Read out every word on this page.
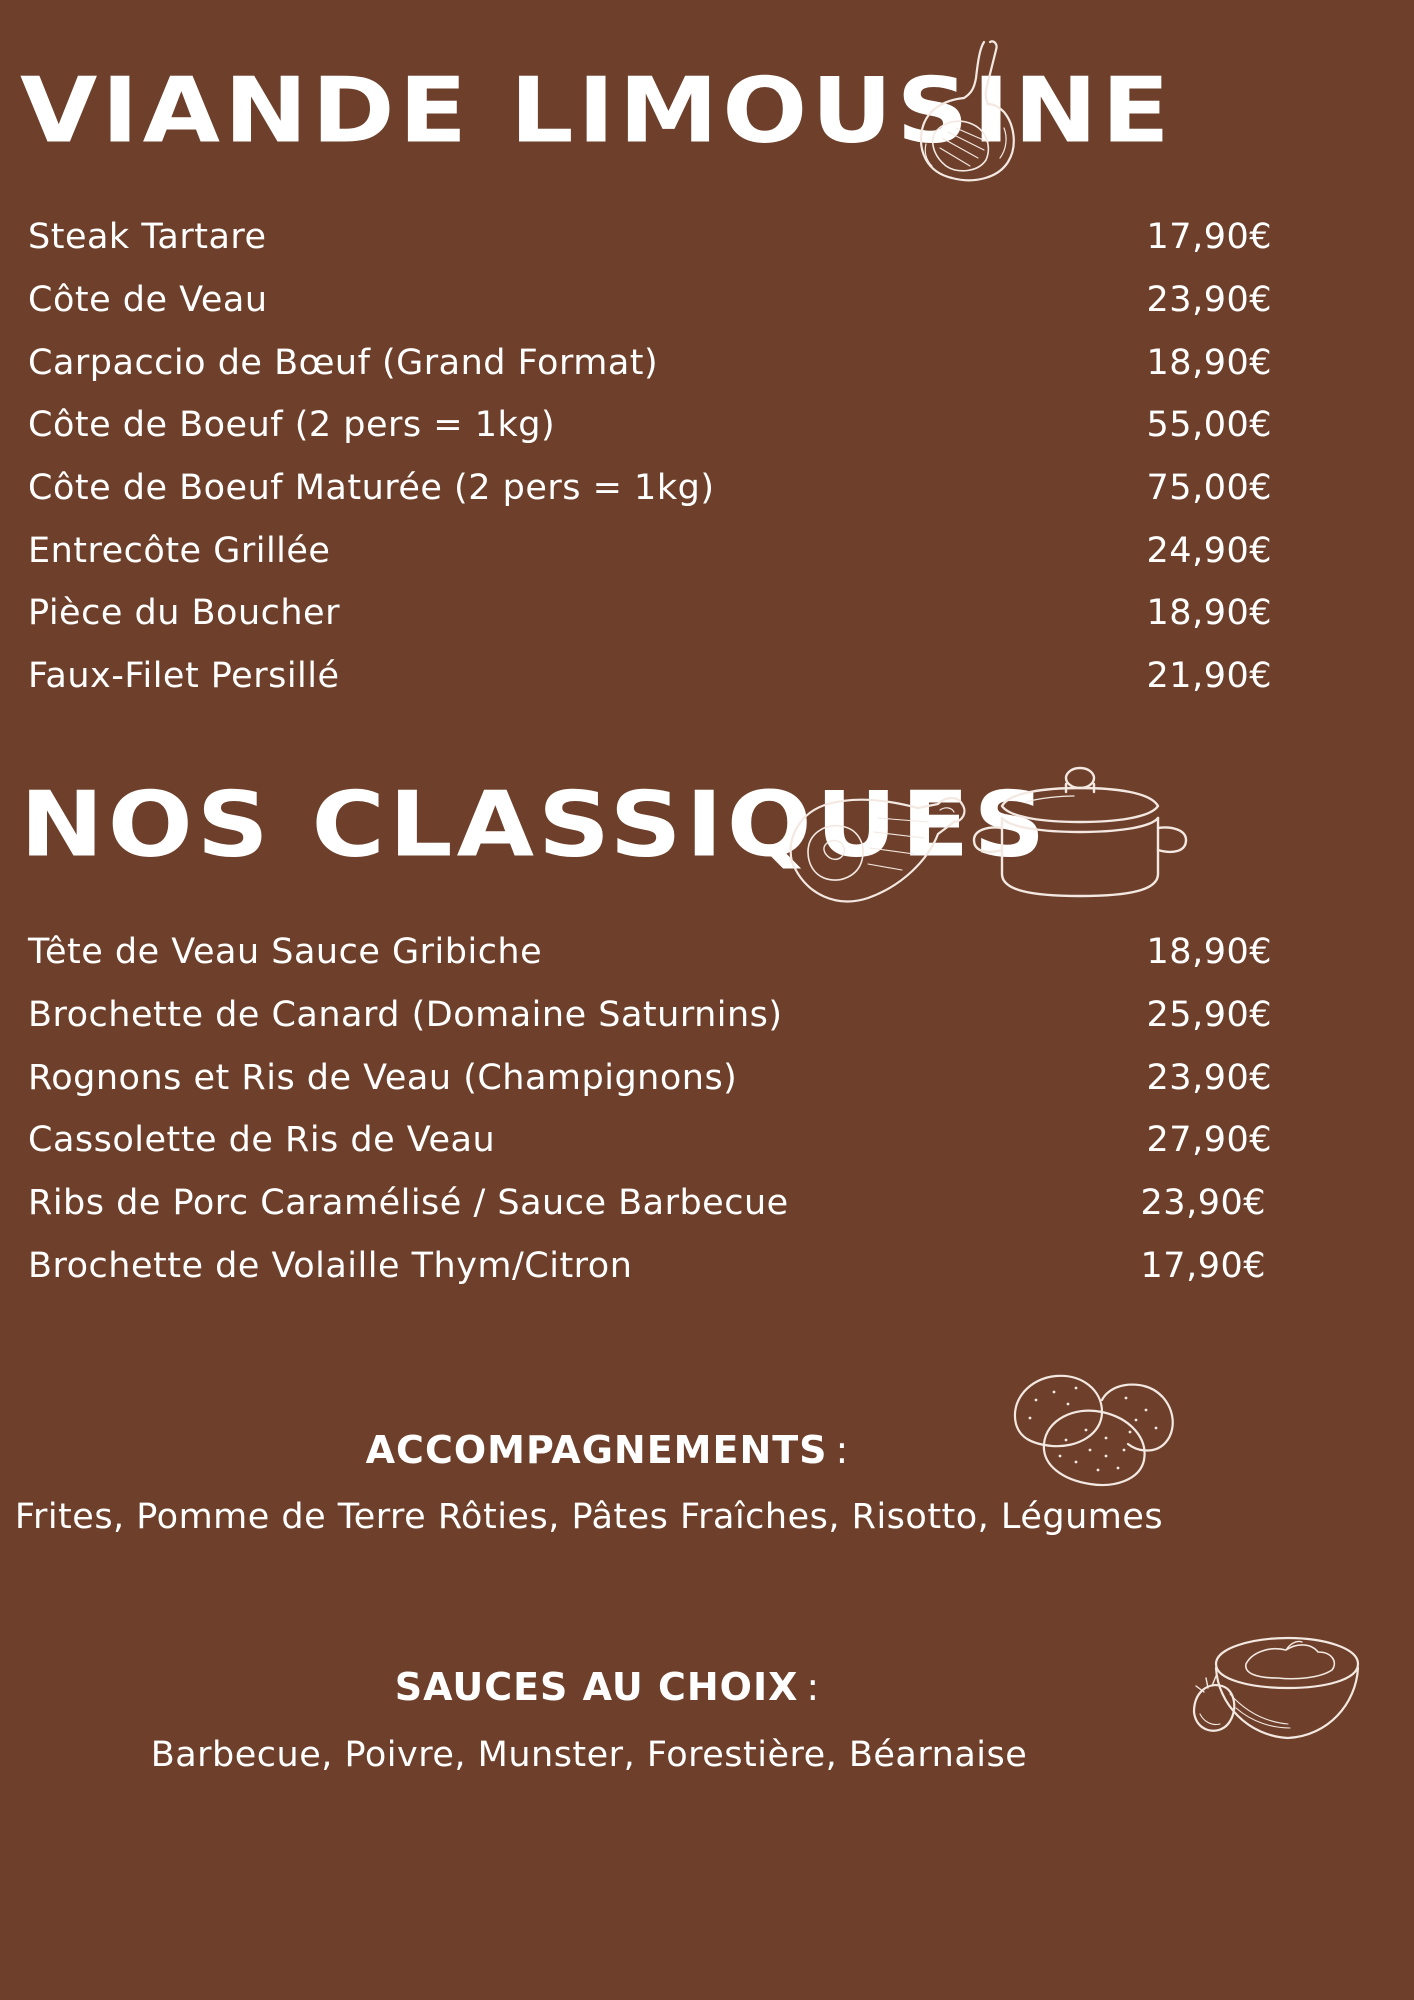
VIANDE LIMOUSINE
Steak Tartare	17,90€
Côte de Veau	23,90€
Carpaccio de Bœuf (Grand Format)	18,90€
Côte de Boeuf (2 pers = 1kg)	55,00€
Côte de Boeuf Maturée (2 pers = 1kg)	75,00€
Entrecôte Grillée	24,90€
Pièce du Boucher	18,90€
Faux-Filet Persillé	21,90€
NOS CLASSIQUES
Tête de Veau Sauce Gribiche	18,90€
Brochette de Canard (Domaine Saturnins)	25,90€
Rognons et Ris de Veau (Champignons)	23,90€
Cassolette de Ris de Veau	27,90€
Ribs de Porc Caramélisé / Sauce Barbecue	23,90€
Brochette de Volaille Thym/Citron	17,90€

ACCOMPAGNEMENTS :

Frites, Pomme de Terre Rôties, Pâtes Fraîches, Risotto, Légumes

SAUCES AU CHOIX :

Barbecue, Poivre, Munster, Forestière, Béarnaise
